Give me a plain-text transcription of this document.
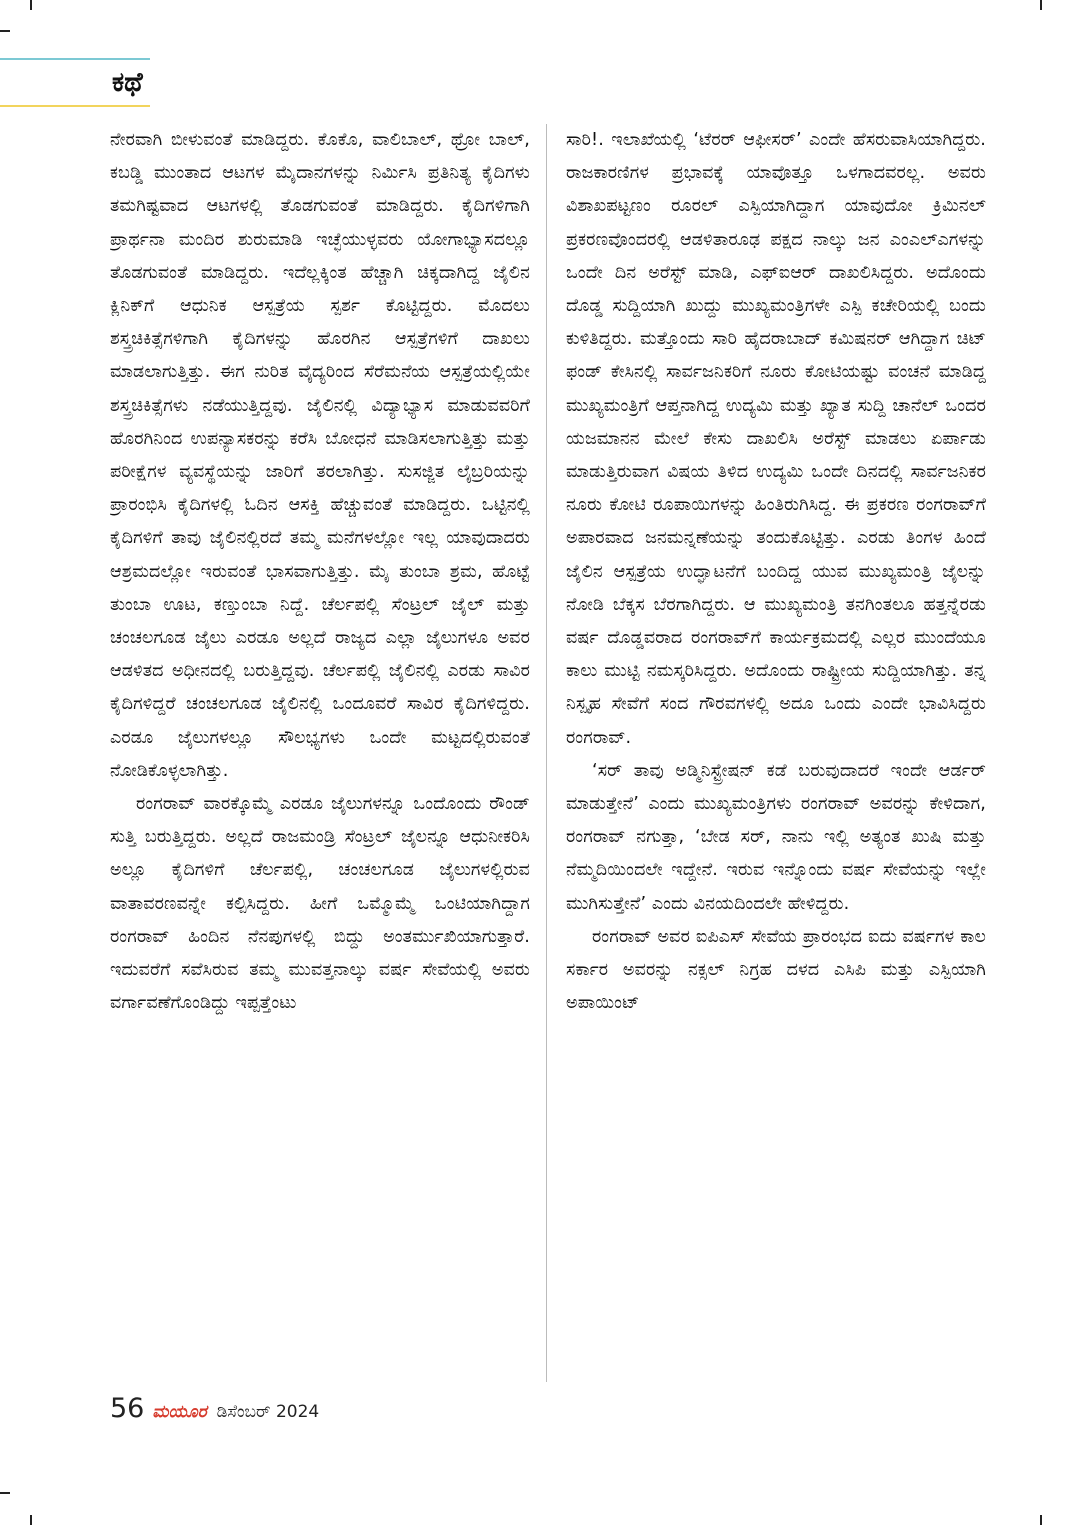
ಕಥೆ

ನೇರವಾಗಿ ಬೀಳುವಂತೆ ಮಾಡಿದ್ದರು. ಕೊಕೊ, ವಾಲಿಬಾಲ್, ಥ್ರೋ ಬಾಲ್, ಕಬಡ್ಡಿ ಮುಂತಾದ ಆಟಗಳ ಮೈದಾನಗಳನ್ನು ನಿರ್ಮಿಸಿ ಪ್ರತಿನಿತ್ಯ ಕೈದಿಗಳು ತಮಗಿಷ್ಟವಾದ ಆಟಗಳಲ್ಲಿ ತೊಡಗುವಂತೆ ಮಾಡಿದ್ದರು. ಕೈದಿಗಳಿಗಾಗಿ ಪ್ರಾರ್ಥನಾ ಮಂದಿರ ಶುರುಮಾಡಿ ಇಚ್ಛೆಯುಳ್ಳವರು ಯೋಗಾಭ್ಯಾಸದಲ್ಲೂ ತೊಡಗುವಂತೆ ಮಾಡಿದ್ದರು. ಇದೆಲ್ಲಕ್ಕಿಂತ ಹೆಚ್ಚಾಗಿ ಚಿಕ್ಕದಾಗಿದ್ದ ಜೈಲಿನ ಕ್ಲಿನಿಕ್‌ಗೆ ಆಧುನಿಕ ಆಸ್ಪತ್ರೆಯ ಸ್ಪರ್ಶ ಕೊಟ್ಟಿದ್ದರು. ಮೊದಲು ಶಸ್ತ್ರಚಿಕಿತ್ಸೆಗಳಿಗಾಗಿ ಕೈದಿಗಳನ್ನು ಹೊರಗಿನ ಆಸ್ಪತ್ರೆಗಳಿಗೆ ದಾಖಲು ಮಾಡಲಾಗುತ್ತಿತ್ತು. ಈಗ ನುರಿತ ವೈದ್ಯರಿಂದ ಸೆರೆಮನೆಯ ಆಸ್ಪತ್ರೆಯಲ್ಲಿಯೇ ಶಸ್ತ್ರಚಿಕಿತ್ಸೆಗಳು ನಡೆಯುತ್ತಿದ್ದವು. ಜೈಲಿನಲ್ಲಿ ವಿದ್ಯಾಭ್ಯಾಸ ಮಾಡುವವರಿಗೆ ಹೊರಗಿನಿಂದ ಉಪನ್ಯಾಸಕರನ್ನು ಕರೆಸಿ ಬೋಧನೆ ಮಾಡಿಸಲಾಗುತ್ತಿತ್ತು ಮತ್ತು ಪರೀಕ್ಷೆಗಳ ವ್ಯವಸ್ಥೆಯನ್ನು ಜಾರಿಗೆ ತರಲಾಗಿತ್ತು. ಸುಸಜ್ಜಿತ ಲೈಬ್ರರಿಯನ್ನು ಪ್ರಾರಂಭಿಸಿ ಕೈದಿಗಳಲ್ಲಿ ಓದಿನ ಆಸಕ್ತಿ ಹೆಚ್ಚುವಂತೆ ಮಾಡಿದ್ದರು. ಒಟ್ಟಿನಲ್ಲಿ ಕೈದಿಗಳಿಗೆ ತಾವು ಜೈಲಿನಲ್ಲಿರದೆ ತಮ್ಮ ಮನೆಗಳಲ್ಲೋ ಇಲ್ಲ ಯಾವುದಾದರು ಆಶ್ರಮದಲ್ಲೋ ಇರುವಂತೆ ಭಾಸವಾಗುತ್ತಿತ್ತು. ಮೈ ತುಂಬಾ ಶ್ರಮ, ಹೊಟ್ಟೆ ತುಂಬಾ ಊಟ, ಕಣ್ತುಂಬಾ ನಿದ್ದೆ. ಚೆರ್ಲಪಲ್ಲಿ ಸೆಂಟ್ರಲ್ ಜೈಲ್ ಮತ್ತು ಚಂಚಲಗೂಡ ಜೈಲು ಎರಡೂ ಅಲ್ಲದೆ ರಾಜ್ಯದ ಎಲ್ಲಾ ಜೈಲುಗಳೂ ಅವರ ಆಡಳಿತದ ಅಧೀನದಲ್ಲಿ ಬರುತ್ತಿದ್ದವು. ಚೆರ್ಲಪಲ್ಲಿ ಜೈಲಿನಲ್ಲಿ ಎರಡು ಸಾವಿರ ಕೈದಿಗಳಿದ್ದರೆ ಚಂಚಲಗೂಡ ಜೈಲಿನಲ್ಲಿ ಒಂದೂವರೆ ಸಾವಿರ ಕೈದಿಗಳಿದ್ದರು. ಎರಡೂ ಜೈಲುಗಳಲ್ಲೂ ಸೌಲಭ್ಯಗಳು ಒಂದೇ ಮಟ್ಟದಲ್ಲಿರುವಂತೆ ನೋಡಿಕೊಳ್ಳಲಾಗಿತ್ತು.

ರಂಗರಾವ್ ವಾರಕ್ಕೊಮ್ಮೆ ಎರಡೂ ಜೈಲುಗಳನ್ನೂ ಒಂದೊಂದು ರೌಂಡ್ ಸುತ್ತಿ ಬರುತ್ತಿದ್ದರು. ಅಲ್ಲದೆ ರಾಜಮಂಡ್ರಿ ಸೆಂಟ್ರಲ್ ಜೈಲನ್ನೂ ಆಧುನೀಕರಿಸಿ ಅಲ್ಲೂ ಕೈದಿಗಳಿಗೆ ಚೆರ್ಲಪಲ್ಲಿ, ಚಂಚಲಗೂಡ ಜೈಲುಗಳಲ್ಲಿರುವ ವಾತಾವರಣವನ್ನೇ ಕಲ್ಪಿಸಿದ್ದರು. ಹೀಗೆ ಒಮ್ಮೊಮ್ಮೆ ಒಂಟಿಯಾಗಿದ್ದಾಗ ರಂಗರಾವ್ ಹಿಂದಿನ ನೆನಪುಗಳಲ್ಲಿ ಬಿದ್ದು ಅಂತರ್ಮುಖಿಯಾಗುತ್ತಾರೆ. ಇದುವರೆಗೆ ಸವೆಸಿರುವ ತಮ್ಮ ಮುವತ್ತನಾಲ್ಕು ವರ್ಷ ಸೇವೆಯಲ್ಲಿ ಅವರು ವರ್ಗಾವಣೆಗೊಂಡಿದ್ದು ಇಪ್ಪತ್ತೆಂಟು

ಸಾರಿ!. ಇಲಾಖೆಯಲ್ಲಿ ‘ಟೆರರ್ ಆಫೀಸರ್’ ಎಂದೇ ಹೆಸರುವಾಸಿಯಾಗಿದ್ದರು. ರಾಜಕಾರಣಿಗಳ ಪ್ರಭಾವಕ್ಕೆ ಯಾವೊತ್ತೂ ಒಳಗಾದವರಲ್ಲ. ಅವರು ವಿಶಾಖಪಟ್ಟಣಂ ರೂರಲ್ ಎಸ್ಪಿಯಾಗಿದ್ದಾಗ ಯಾವುದೋ ಕ್ರಿಮಿನಲ್ ಪ್ರಕರಣವೊಂದರಲ್ಲಿ ಆಡಳಿತಾರೂಢ ಪಕ್ಷದ ನಾಲ್ಕು ಜನ ಎಂಎಲ್‌ಎಗಳನ್ನು ಒಂದೇ ದಿನ ಅರೆಸ್ಟ್ ಮಾಡಿ, ಎಫ್‌ಐಆರ್ ದಾಖಲಿಸಿದ್ದರು. ಅದೊಂದು ದೊಡ್ಡ ಸುದ್ದಿಯಾಗಿ ಖುದ್ದು ಮುಖ್ಯಮಂತ್ರಿಗಳೇ ಎಸ್ಪಿ ಕಚೇರಿಯಲ್ಲಿ ಬಂದು ಕುಳಿತಿದ್ದರು. ಮತ್ತೊಂದು ಸಾರಿ ಹೈದರಾಬಾದ್ ಕಮಿಷನರ್ ಆಗಿದ್ದಾಗ ಚಿಟ್ ಫಂಡ್ ಕೇಸಿನಲ್ಲಿ ಸಾರ್ವಜನಿಕರಿಗೆ ನೂರು ಕೋಟಿಯಷ್ಟು ವಂಚನೆ ಮಾಡಿದ್ದ ಮುಖ್ಯಮಂತ್ರಿಗೆ ಆಪ್ತನಾಗಿದ್ದ ಉದ್ಯಮಿ ಮತ್ತು ಖ್ಯಾತ ಸುದ್ದಿ ಚಾನೆಲ್ ಒಂದರ ಯಜಮಾನನ ಮೇಲೆ ಕೇಸು ದಾಖಲಿಸಿ ಅರೆಸ್ಟ್ ಮಾಡಲು ಏರ್ಪಾಡು ಮಾಡುತ್ತಿರುವಾಗ ವಿಷಯ ತಿಳಿದ ಉದ್ಯಮಿ ಒಂದೇ ದಿನದಲ್ಲಿ ಸಾರ್ವಜನಿಕರ ನೂರು ಕೋಟಿ ರೂಪಾಯಿಗಳನ್ನು ಹಿಂತಿರುಗಿಸಿದ್ದ. ಈ ಪ್ರಕರಣ ರಂಗರಾವ್‌ಗೆ ಅಪಾರವಾದ ಜನಮನ್ನಣೆಯನ್ನು ತಂದುಕೊಟ್ಟಿತ್ತು. ಎರಡು ತಿಂಗಳ ಹಿಂದೆ ಜೈಲಿನ ಆಸ್ಪತ್ರೆಯ ಉದ್ಘಾಟನೆಗೆ ಬಂದಿದ್ದ ಯುವ ಮುಖ್ಯಮಂತ್ರಿ ಜೈಲನ್ನು ನೋಡಿ ಬೆಕ್ಕಸ ಬೆರಗಾಗಿದ್ದರು. ಆ ಮುಖ್ಯಮಂತ್ರಿ ತನಗಿಂತಲೂ ಹತ್ತನ್ನೆರಡು ವರ್ಷ ದೊಡ್ಡವರಾದ ರಂಗರಾವ್‌ಗೆ ಕಾರ್ಯಕ್ರಮದಲ್ಲಿ ಎಲ್ಲರ ಮುಂದೆಯೂ ಕಾಲು ಮುಟ್ಟಿ ನಮಸ್ಕರಿಸಿದ್ದರು. ಅದೊಂದು ರಾಷ್ಟ್ರೀಯ ಸುದ್ದಿಯಾಗಿತ್ತು. ತನ್ನ ನಿಸ್ಪೃಹ ಸೇವೆಗೆ ಸಂದ ಗೌರವಗಳಲ್ಲಿ ಅದೂ ಒಂದು ಎಂದೇ ಭಾವಿಸಿದ್ದರು ರಂಗರಾವ್.

‘ಸರ್ ತಾವು ಅಡ್ಮಿನಿಸ್ಟ್ರೇಷನ್ ಕಡೆ ಬರುವುದಾದರೆ ಇಂದೇ ಆರ್ಡರ್ ಮಾಡುತ್ತೇನೆ’ ಎಂದು ಮುಖ್ಯಮಂತ್ರಿಗಳು ರಂಗರಾವ್ ಅವರನ್ನು ಕೇಳಿದಾಗ, ರಂಗರಾವ್ ನಗುತ್ತಾ, ‘ಬೇಡ ಸರ್, ನಾನು ಇಲ್ಲಿ ಅತ್ಯಂತ ಖುಷಿ ಮತ್ತು ನೆಮ್ಮದಿಯಿಂದಲೇ ಇದ್ದೇನೆ. ಇರುವ ಇನ್ನೊಂದು ವರ್ಷ ಸೇವೆಯನ್ನು ಇಲ್ಲೇ ಮುಗಿಸುತ್ತೇನೆ’ ಎಂದು ವಿನಯದಿಂದಲೇ ಹೇಳಿದ್ದರು.

ರಂಗರಾವ್ ಅವರ ಐಪಿಎಸ್ ಸೇವೆಯ ಪ್ರಾರಂಭದ ಐದು ವರ್ಷಗಳ ಕಾಲ ಸರ್ಕಾರ ಅವರನ್ನು ನಕ್ಸಲ್ ನಿಗ್ರಹ ದಳದ ಎಸಿಪಿ ಮತ್ತು ಎಸ್ಪಿಯಾಗಿ ಅಪಾಯಿಂಟ್

56 ಮಯೂರ ಡಿಸೆಂಬರ್ 2024
